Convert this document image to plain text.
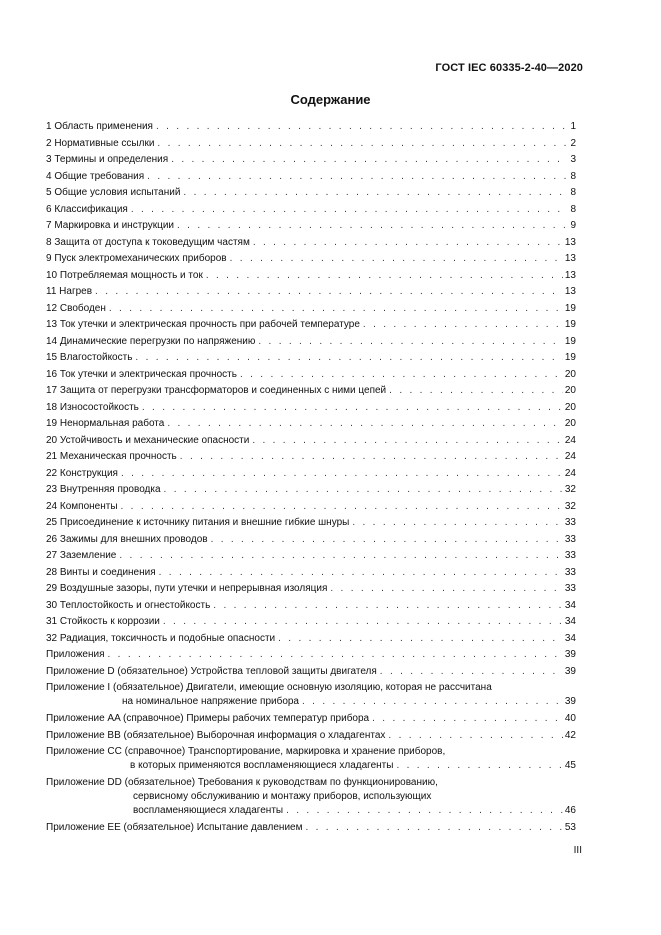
ГОСТ IEC 60335-2-40—2020
Содержание
1 Область применения . . .	1
2 Нормативные ссылки . . .	2
3 Термины и определения . . .	3
4 Общие требования . . .	8
5 Общие условия испытаний . . .	8
6 Классификация . . .	8
7 Маркировка и инструкции . . .	9
8 Защита от доступа к токоведущим частям . . .	13
9 Пуск электромеханических приборов . . .	13
10 Потребляемая мощность и ток . . .	13
11 Нагрев . . .	13
12 Свободен . . .	19
13 Ток утечки и электрическая прочность при рабочей температуре . . .	19
14 Динамические перегрузки по напряжению . . .	19
15 Влагостойкость . . .	19
16 Ток утечки и электрическая прочность . . .	20
17 Защита от перегрузки трансформаторов и соединенных с ними цепей . . .	20
18 Износостойкость . . .	20
19 Ненормальная работа . . .	20
20 Устойчивость и механические опасности . . .	24
21 Механическая прочность . . .	24
22 Конструкция . . .	24
23 Внутренняя проводка . . .	32
24 Компоненты . . .	32
25 Присоединение к источнику питания и внешние гибкие шнуры . . .	33
26 Зажимы для внешних проводов . . .	33
27 Заземление . . .	33
28 Винты и соединения . . .	33
29 Воздушные зазоры, пути утечки и непрерывная изоляция . . .	33
30 Теплостойкость и огнестойкость . . .	34
31 Стойкость к коррозии . . .	34
32 Радиация, токсичность и подобные опасности . . .	34
Приложения . . .	39
Приложение D (обязательное) Устройства тепловой защиты двигателя . . .	39
Приложение I (обязательное) Двигатели, имеющие основную изоляцию, которая не рассчитана
на номинальное напряжение прибора . . .	39
Приложение AA (справочное) Примеры рабочих температур прибора . . .	40
Приложение BB (обязательное) Выборочная информация о хладагентах . . .	42
Приложение CC (справочное) Транспортирование, маркировка и хранение приборов,
в которых применяются воспламеняющиеся хладагенты . . .	45
Приложение DD (обязательное) Требования к руководствам по функционированию,
сервисному обслуживанию и монтажу приборов, использующих
воспламеняющиеся хладагенты . . .	46
Приложение EE (обязательное) Испытание давлением . . .	53
III
